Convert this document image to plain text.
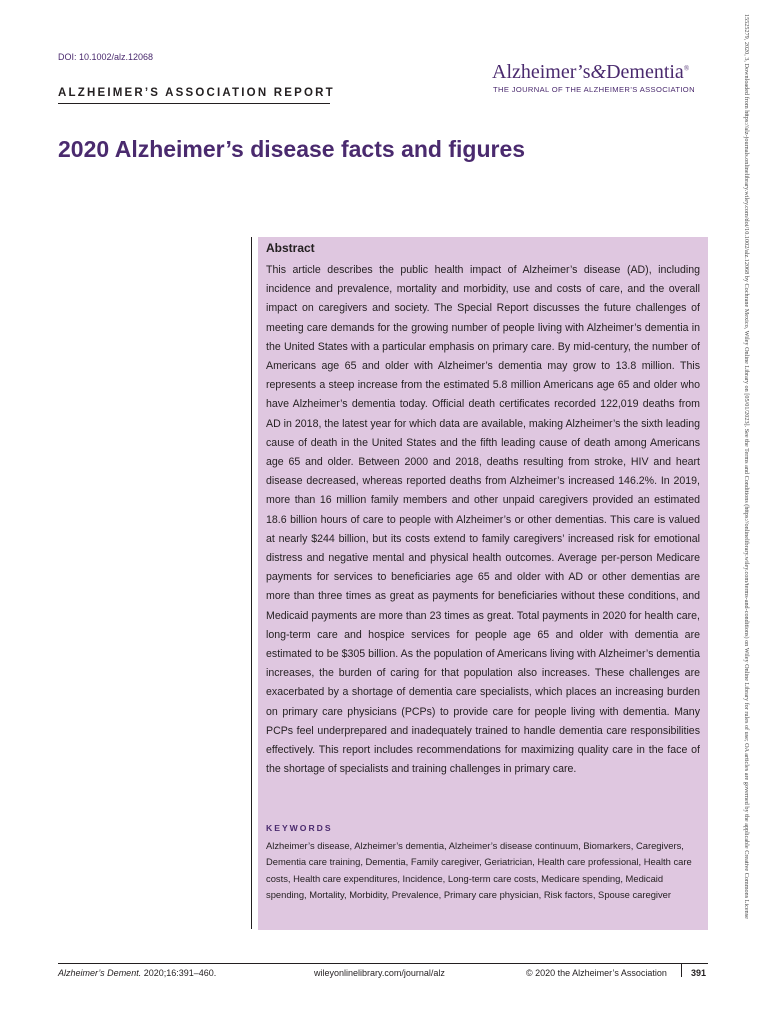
DOI: 10.1002/alz.12068
ALZHEIMER’S ASSOCIATION REPORT
Alzheimer’s&Dementia®
THE JOURNAL OF THE ALZHEIMER’S ASSOCIATION
2020 Alzheimer’s disease facts and figures
Abstract

This article describes the public health impact of Alzheimer’s disease (AD), including incidence and prevalence, mortality and morbidity, use and costs of care, and the overall impact on caregivers and society. The Special Report discusses the future challenges of meeting care demands for the growing number of people living with Alzheimer’s dementia in the United States with a particular emphasis on primary care. By mid-century, the number of Americans age 65 and older with Alzheimer’s dementia may grow to 13.8 million. This represents a steep increase from the estimated 5.8 million Americans age 65 and older who have Alzheimer’s dementia today. Official death certificates recorded 122,019 deaths from AD in 2018, the latest year for which data are available, making Alzheimer’s the sixth leading cause of death in the United States and the fifth leading cause of death among Americans age 65 and older. Between 2000 and 2018, deaths resulting from stroke, HIV and heart disease decreased, whereas reported deaths from Alzheimer’s increased 146.2%. In 2019, more than 16 million family members and other unpaid caregivers provided an estimated 18.6 billion hours of care to people with Alzheimer’s or other dementias. This care is valued at nearly $244 billion, but its costs extend to family caregivers’ increased risk for emotional distress and negative mental and physical health outcomes. Average per-person Medicare payments for services to beneficiaries age 65 and older with AD or other dementias are more than three times as great as payments for beneficiaries without these conditions, and Medicaid payments are more than 23 times as great. Total payments in 2020 for health care, long-term care and hospice services for people age 65 and older with dementia are estimated to be $305 billion. As the population of Americans living with Alzheimer’s dementia increases, the burden of caring for that population also increases. These challenges are exacerbated by a shortage of dementia care specialists, which places an increasing burden on primary care physicians (PCPs) to provide care for people living with dementia. Many PCPs feel underprepared and inadequately trained to handle dementia care responsibilities effectively. This report includes recommendations for maximizing quality care in the face of the shortage of specialists and training challenges in primary care.

KEYWORDS

Alzheimer’s disease, Alzheimer’s dementia, Alzheimer’s disease continuum, Biomarkers, Caregivers, Dementia care training, Dementia, Family caregiver, Geriatrician, Health care professional, Health care costs, Health care expenditures, Incidence, Long-term care costs, Medicare spending, Medicaid spending, Mortality, Morbidity, Prevalence, Primary care physician, Risk factors, Spouse caregiver

Alzheimer’s Dement. 2020;16:391–460.	wileyonlinelibrary.com/journal/alz	© 2020 the Alzheimer’s Association	391
15525279, 2020, 3, Downloaded from https://alz-journals.onlinelibrary.wiley.com/doi/10.1002/alz.12068 by Cochrane Mexico, Wiley Online Library on [05/01/2023]. See the Terms and Conditions (https://onlinelibrary.wiley.com/terms-and-conditions) on Wiley Online Library for rules of use; OA articles are governed by the applicable Creative Commons License
